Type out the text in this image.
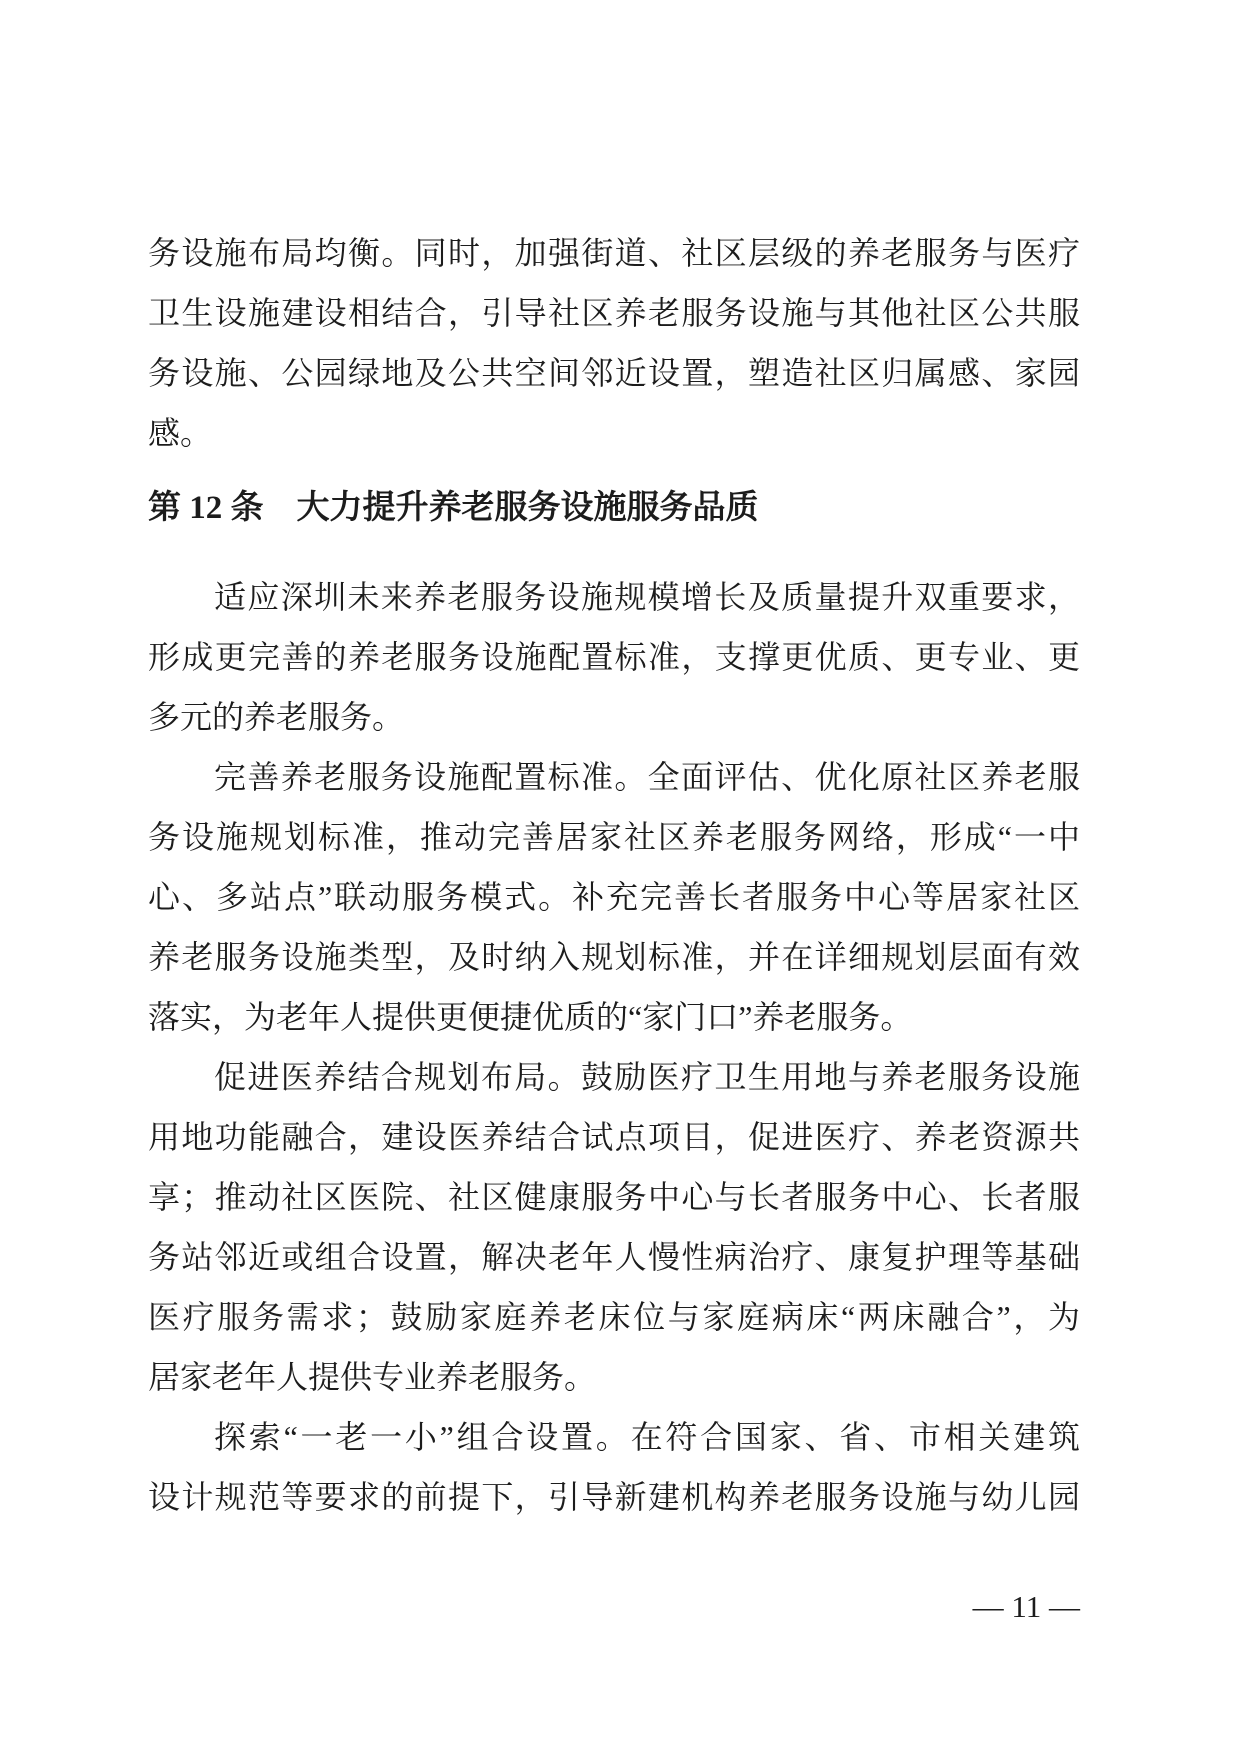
务设施布局均衡。同时，加强街道、社区层级的养老服务与医疗
卫生设施建设相结合，引导社区养老服务设施与其他社区公共服
务设施、公园绿地及公共空间邻近设置，塑造社区归属感、家园
感。
第 12 条　大力提升养老服务设施服务品质
适应深圳未来养老服务设施规模增长及质量提升双重要求，
形成更完善的养老服务设施配置标准，支撑更优质、更专业、更
多元的养老服务。
完善养老服务设施配置标准。全面评估、优化原社区养老服
务设施规划标准，推动完善居家社区养老服务网络，形成“一中
心、多站点”联动服务模式。补充完善长者服务中心等居家社区
养老服务设施类型，及时纳入规划标准，并在详细规划层面有效
落实，为老年人提供更便捷优质的“家门口”养老服务。
促进医养结合规划布局。鼓励医疗卫生用地与养老服务设施
用地功能融合，建设医养结合试点项目，促进医疗、养老资源共
享；推动社区医院、社区健康服务中心与长者服务中心、长者服
务站邻近或组合设置，解决老年人慢性病治疗、康复护理等基础
医疗服务需求；鼓励家庭养老床位与家庭病床“两床融合”，为
居家老年人提供专业养老服务。
探索“一老一小”组合设置。在符合国家、省、市相关建筑
设计规范等要求的前提下，引导新建机构养老服务设施与幼儿园
— 11 —
